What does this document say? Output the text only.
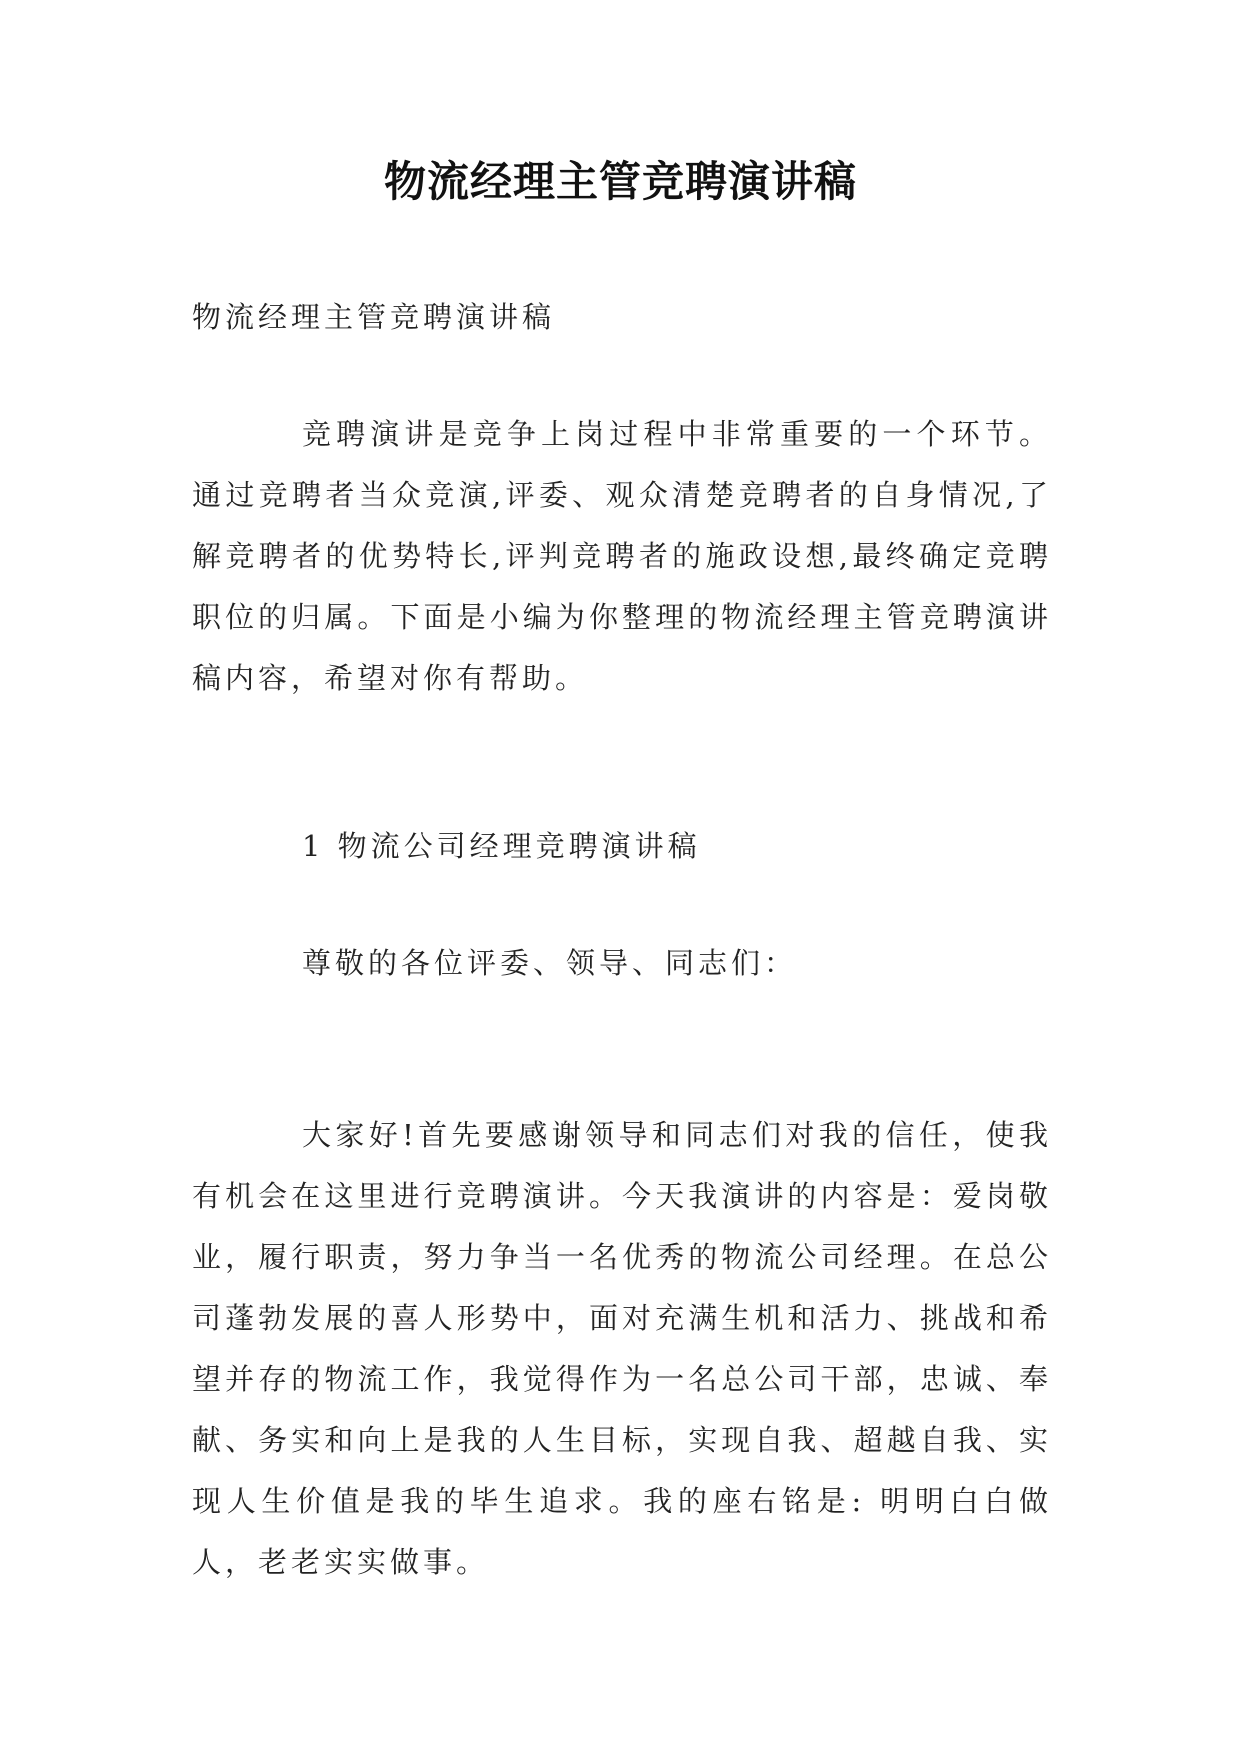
物流经理主管竞聘演讲稿

物流经理主管竞聘演讲稿

竞聘演讲是竞争上岗过程中非常重要的一个环节。通过竞聘者当众竞演,评委、观众清楚竞聘者的自身情况,了解竞聘者的优势特长,评判竞聘者的施政设想,最终确定竞聘职位的归属。下面是小编为你整理的物流经理主管竞聘演讲稿内容，希望对你有帮助。

1 物流公司经理竞聘演讲稿

尊敬的各位评委、领导、同志们：

大家好!首先要感谢领导和同志们对我的信任，使我有机会在这里进行竞聘演讲。今天我演讲的内容是：爱岗敬业，履行职责，努力争当一名优秀的物流公司经理。在总公司蓬勃发展的喜人形势中，面对充满生机和活力、挑战和希望并存的物流工作，我觉得作为一名总公司干部，忠诚、奉献、务实和向上是我的人生目标，实现自我、超越自我、实现人生价值是我的毕生追求。我的座右铭是: 明明白白做人，老老实实做事。
